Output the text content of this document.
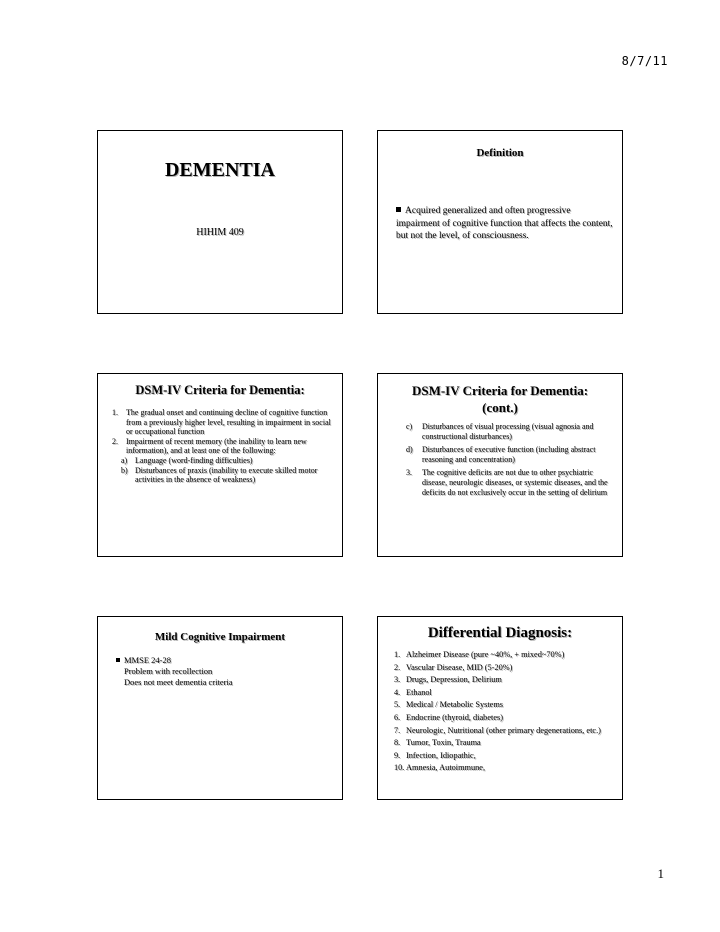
8/7/11
DEMENTIA
HIHIM 409
Definition
Acquired generalized and often progressive impairment of cognitive function that affects the content, but not the level, of consciousness.
DSM-IV Criteria for Dementia:
1. The gradual onset and continuing decline of cognitive function from a previously higher level, resulting in impairment in social or occupational function
2. Impairment of recent memory (the inability to learn new information), and at least one of the following:
a) Language (word-finding difficulties)
b) Disturbances of praxis (inability to execute skilled motor activities in the absence of weakness)
DSM-IV Criteria for Dementia:
(cont.)
c) Disturbances of visual processing (visual agnosia and constructional disturbances)
d) Disturbances of executive function (including abstract reasoning and concentration)
3. The cognitive deficits are not due to other psychiatric disease, neurologic diseases, or systemic diseases, and the deficits do not exclusively occur in the setting of delirium
Mild Cognitive Impairment
MMSE 24-28
Problem with recollection
Does not meet dementia criteria
Differential Diagnosis:
1. Alzheimer Disease (pure ~40%, + mixed~70%)
2. Vascular Disease, MID (5-20%)
3. Drugs, Depression, Delirium
4. Ethanol
5. Medical / Metabolic Systems
6. Endocrine (thyroid, diabetes)
7. Neurologic, Nutritional (other primary degenerations, etc.)
8. Tumor, Toxin, Trauma
9. Infection, Idiopathic,
10. Amnesia, Autoimmune,
1
